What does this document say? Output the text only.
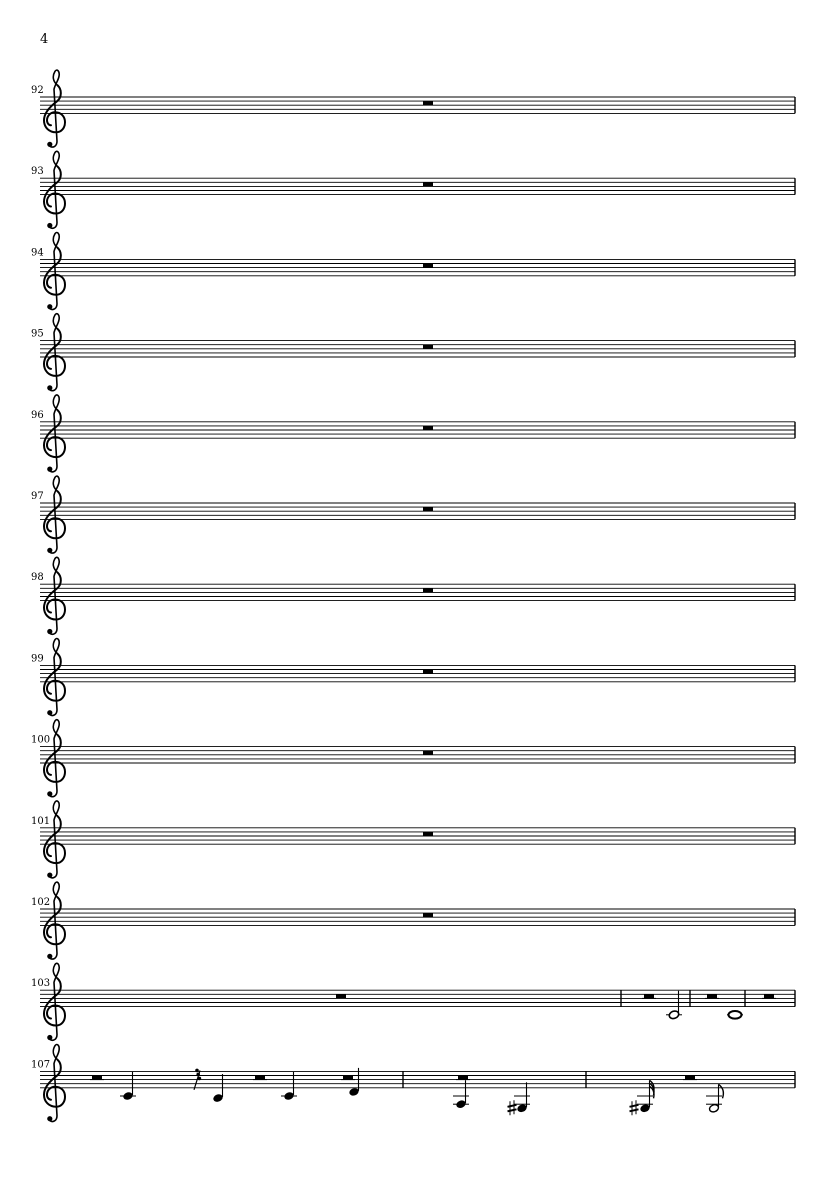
4
92
93
94
95
96
97
98
99
100
101
102
103
107
